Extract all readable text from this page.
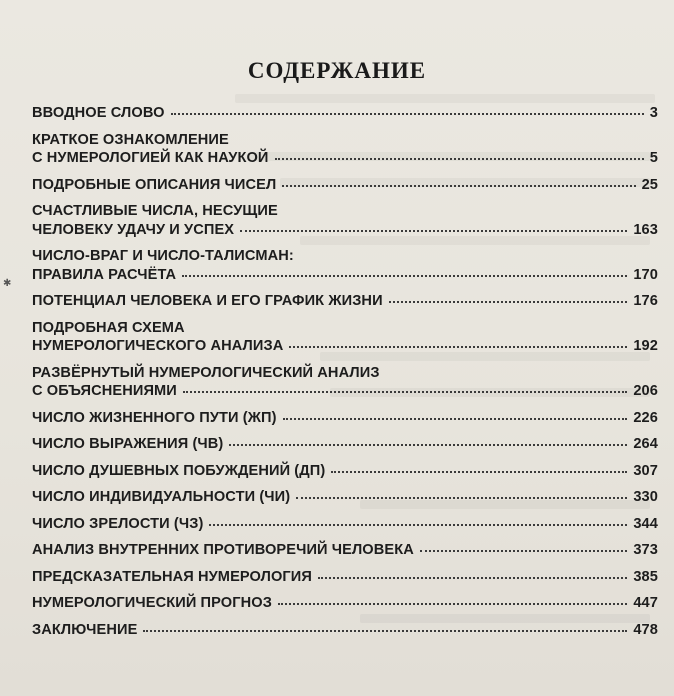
СОДЕРЖАНИЕ
ВВОДНОЕ СЛОВО	3
КРАТКОЕ ОЗНАКОМЛЕНИЕ
С НУМЕРОЛОГИЕЙ КАК НАУКОЙ	5
ПОДРОБНЫЕ ОПИСАНИЯ ЧИСЕЛ	25
СЧАСТЛИВЫЕ ЧИСЛА, НЕСУЩИЕ
ЧЕЛОВЕКУ УДАЧУ И УСПЕХ	163
ЧИСЛО-ВРАГ И ЧИСЛО-ТАЛИСМАН:
ПРАВИЛА РАСЧЁТА	170
ПОТЕНЦИАЛ ЧЕЛОВЕКА И ЕГО ГРАФИК ЖИЗНИ	176
ПОДРОБНАЯ СХЕМА
НУМЕРОЛОГИЧЕСКОГО АНАЛИЗА	192
РАЗВЁРНУТЫЙ НУМЕРОЛОГИЧЕСКИЙ АНАЛИЗ
С ОБЪЯСНЕНИЯМИ	206
ЧИСЛО ЖИЗНЕННОГО ПУТИ (ЖП)	226
ЧИСЛО ВЫРАЖЕНИЯ (ЧВ)	264
ЧИСЛО ДУШЕВНЫХ ПОБУЖДЕНИЙ (ДП)	307
ЧИСЛО ИНДИВИДУАЛЬНОСТИ (ЧИ)	330
ЧИСЛО ЗРЕЛОСТИ (ЧЗ)	344
АНАЛИЗ ВНУТРЕННИХ ПРОТИВОРЕЧИЙ ЧЕЛОВЕКА	373
ПРЕДСКАЗАТЕЛЬНАЯ НУМЕРОЛОГИЯ	385
НУМЕРОЛОГИЧЕСКИЙ ПРОГНОЗ	447
ЗАКЛЮЧЕНИЕ	478
✱
